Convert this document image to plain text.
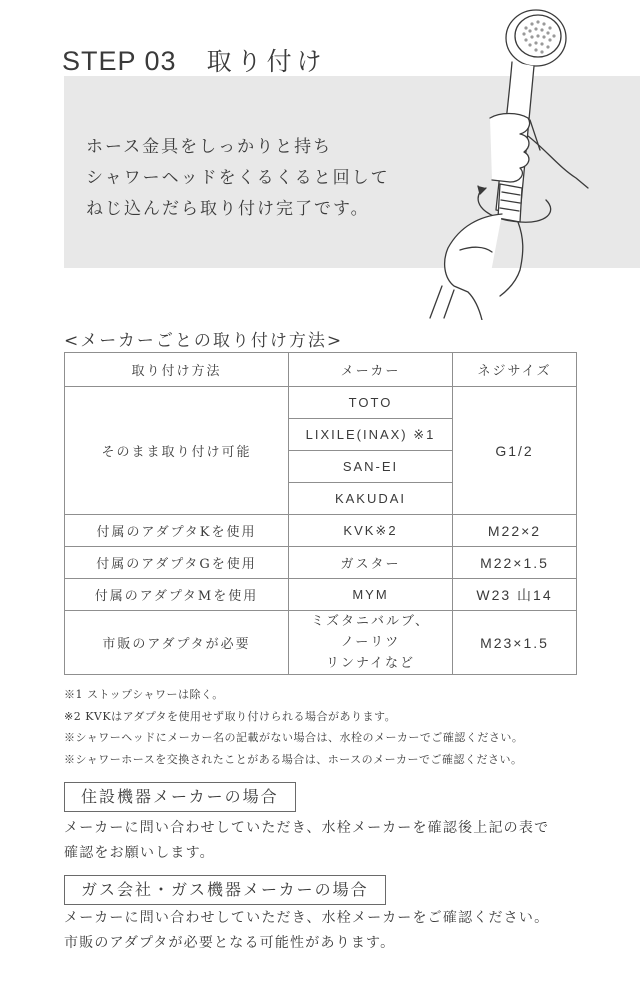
STEP 03 取り付け
ホース金具をしっかりと持ち
シャワーヘッドをくるくると回して
ねじ込んだら取り付け完了です。
<メーカーごとの取り付け方法>
取り付け方法	メーカー	ネジサイズ
そのまま取り付け可能	TOTO	G1/2
	LIXILE(INAX) ※1	
	SAN-EI	
	KAKUDAI	
付属のアダプタKを使用	KVK※2	M22×2
付属のアダプタGを使用	ガスター	M22×1.5
付属のアダプタMを使用	MYM	W23 山14
市販のアダプタが必要	ミズタニバルブ、
ノーリツ
リンナイなど	M23×1.5
※1 ストップシャワーは除く。
※2 KVKはアダプタを使用せず取り付けられる場合があります。
※シャワーヘッドにメーカー名の記載がない場合は、水栓のメーカーでご確認ください。
※シャワーホースを交換されたことがある場合は、ホースのメーカーでご確認ください。
住設機器メーカーの場合

メーカーに問い合わせしていただき、水栓メーカーを確認後上記の表で
確認をお願いします。

ガス会社・ガス機器メーカーの場合

メーカーに問い合わせしていただき、水栓メーカーをご確認ください。
市販のアダプタが必要となる可能性があります。
